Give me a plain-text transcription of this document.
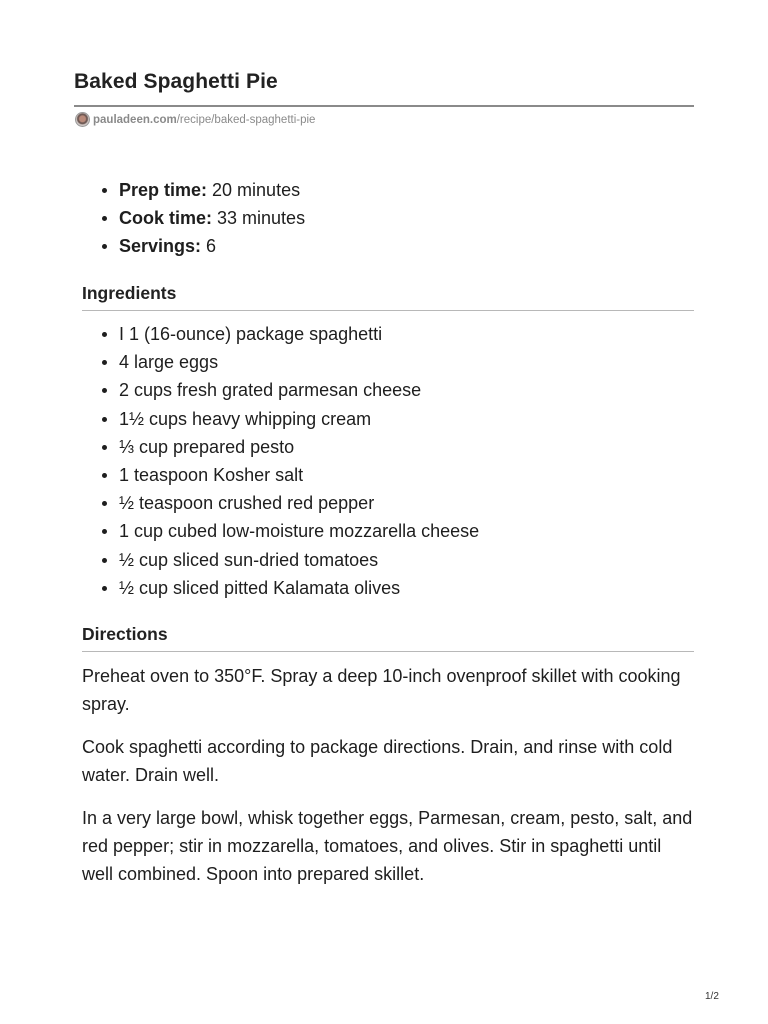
Baked Spaghetti Pie
pauladeen.com /recipe/baked-spaghetti-pie
Prep time: 20 minutes
Cook time: 33 minutes
Servings: 6
Ingredients
I 1 (16-ounce) package spaghetti
4 large eggs
2 cups fresh grated parmesan cheese
1½ cups heavy whipping cream
⅓ cup prepared pesto
1 teaspoon Kosher salt
½ teaspoon crushed red pepper
1 cup cubed low-moisture mozzarella cheese
½ cup sliced sun-dried tomatoes
½ cup sliced pitted Kalamata olives
Directions

Preheat oven to 350°F. Spray a deep 10-inch ovenproof skillet with cooking spray.

Cook spaghetti according to package directions. Drain, and rinse with cold water. Drain well.

In a very large bowl, whisk together eggs, Parmesan, cream, pesto, salt, and red pepper; stir in mozzarella, tomatoes, and olives. Stir in spaghetti until well combined. Spoon into prepared skillet.

1/2
